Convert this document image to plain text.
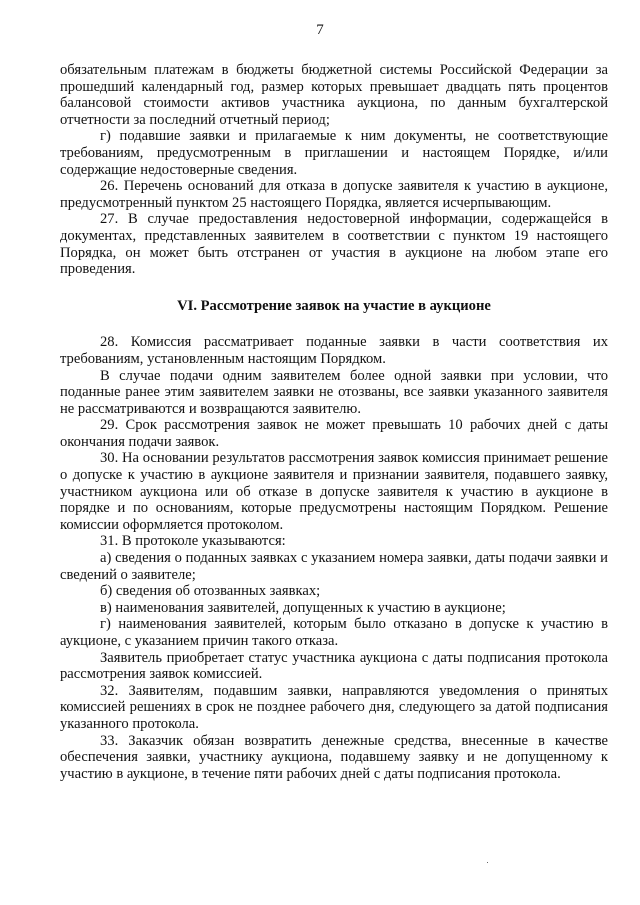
7

обязательным платежам в бюджеты бюджетной системы Российской Федерации за прошедший календарный год, размер которых превышает двадцать пять процентов балансовой стоимости активов участника аукциона, по данным бухгалтерской отчетности за последний отчетный период;

г) подавшие заявки и прилагаемые к ним документы, не соответствующие требованиям, предусмотренным в приглашении и настоящем Порядке, и/или содержащие недостоверные сведения.

26. Перечень оснований для отказа в допуске заявителя к участию в аукционе, предусмотренный пунктом 25 настоящего Порядка, является исчерпывающим.

27. В случае предоставления недостоверной информации, содержащейся в документах, представленных заявителем в соответствии с пунктом 19 настоящего Порядка, он может быть отстранен от участия в аукционе на любом этапе его проведения.

VI. Рассмотрение заявок на участие в аукционе

28. Комиссия рассматривает поданные заявки в части соответствия их требованиям, установленным настоящим Порядком.

В случае подачи одним заявителем более одной заявки при условии, что поданные ранее этим заявителем заявки не отозваны, все заявки указанного заявителя не рассматриваются и возвращаются заявителю.

29. Срок рассмотрения заявок не может превышать 10 рабочих дней с даты окончания подачи заявок.

30. На основании результатов рассмотрения заявок комиссия принимает решение о допуске к участию в аукционе заявителя и признании заявителя, подавшего заявку, участником аукциона или об отказе в допуске заявителя к участию в аукционе в порядке и по основаниям, которые предусмотрены настоящим Порядком. Решение комиссии оформляется протоколом.

31. В протоколе указываются:

а) сведения о поданных заявках с указанием номера заявки, даты подачи заявки и сведений о заявителе;

б) сведения об отозванных заявках;

в) наименования заявителей, допущенных к участию в аукционе;

г) наименования заявителей, которым было отказано в допуске к участию в аукционе, с указанием причин такого отказа.

Заявитель приобретает статус участника аукциона с даты подписания протокола рассмотрения заявок комиссией.

32. Заявителям, подавшим заявки, направляются уведомления о принятых комиссией решениях в срок не позднее рабочего дня, следующего за датой подписания указанного протокола.

33. Заказчик обязан возвратить денежные средства, внесенные в качестве обеспечения заявки, участнику аукциона, подавшему заявку и не допущенному к участию в аукционе, в течение пяти рабочих дней с даты подписания протокола.
